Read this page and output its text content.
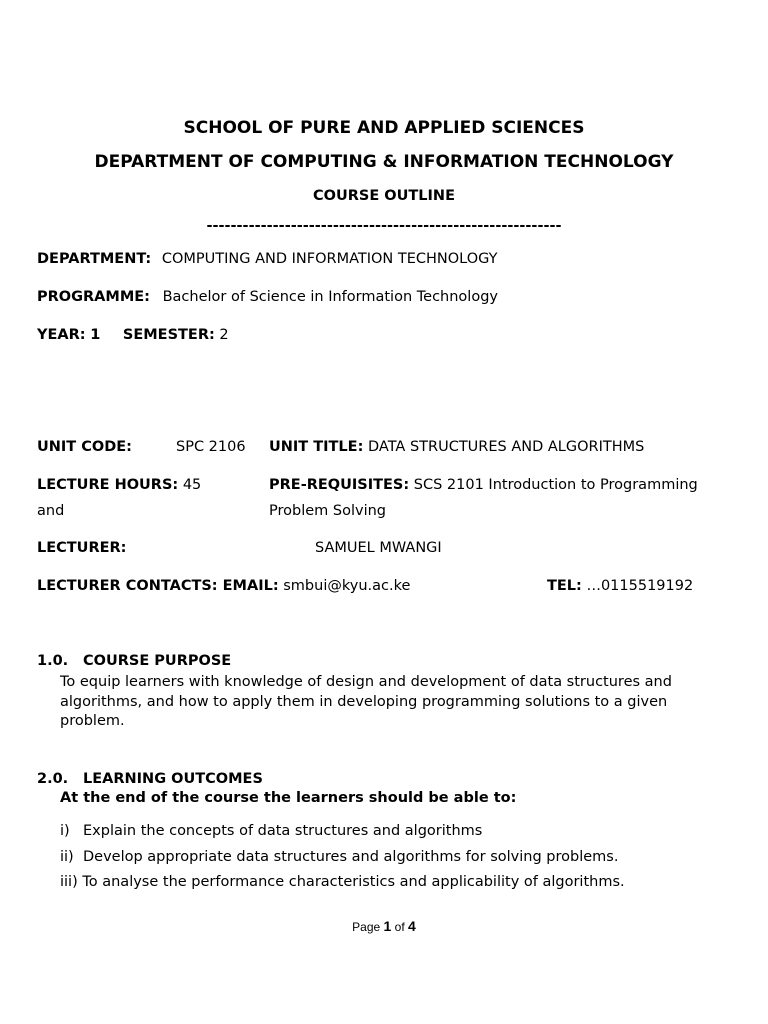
SCHOOL OF PURE AND APPLIED SCIENCES
DEPARTMENT OF COMPUTING & INFORMATION TECHNOLOGY
COURSE OUTLINE
-----------------------------------------------------------
DEPARTMENT: COMPUTING AND INFORMATION TECHNOLOGY
PROGRAMME: Bachelor of Science in Information Technology
YEAR: 1 SEMESTER: 2
UNIT CODE:	SPC 2106 UNIT TITLE: DATA STRUCTURES AND ALGORITHMS
LECTURE HOURS: 45
and
PRE-REQUISITES: SCS 2101 Introduction to Programming
Problem Solving
LECTURER:	SAMUEL MWANGI
LECTURER CONTACTS: EMAIL: smbui@kyu.ac.ke	TEL: …0115519192
1.0. COURSE PURPOSE
To equip learners with knowledge of design and development of data structures and algorithms, and how to apply them in developing programming solutions to a given problem.
2.0. LEARNING OUTCOMES
At the end of the course the learners should be able to:
i) Explain the concepts of data structures and algorithms
ii) Develop appropriate data structures and algorithms for solving problems.
iii) To analyse the performance characteristics and applicability of algorithms.
Page 1 of 4
